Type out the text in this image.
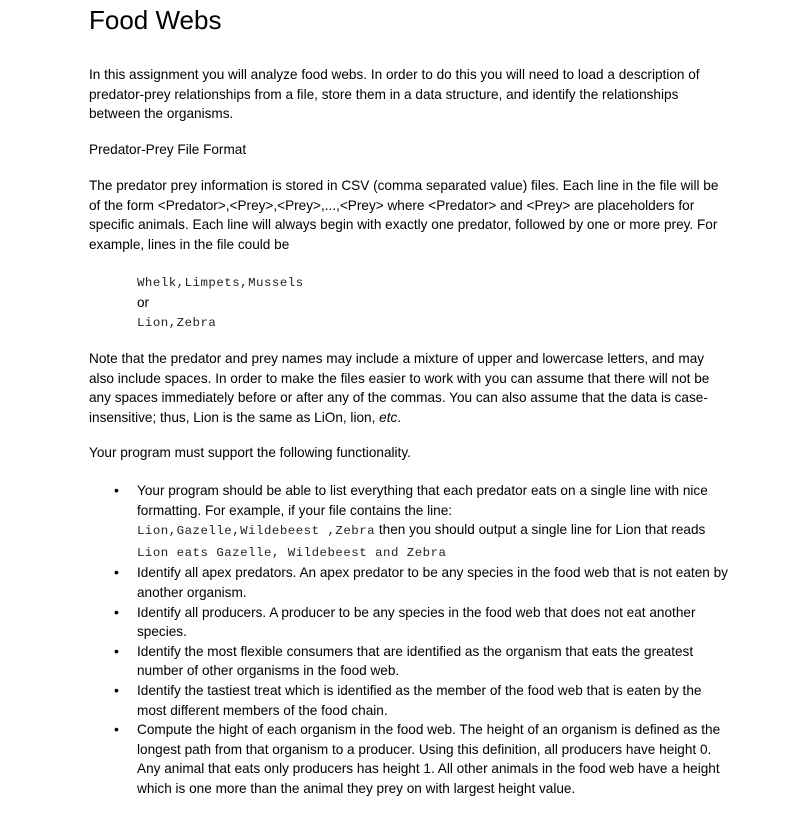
Food Webs

In this assignment you will analyze food webs. In order to do this you will need to load a description of predator-prey relationships from a file, store them in a data structure, and identify the relationships between the organisms.

Predator-Prey File Format

The predator prey information is stored in CSV (comma separated value) files. Each line in the file will be of the form <Predator>,<Prey>,<Prey>,...,<Prey> where <Predator> and <Prey> are placeholders for specific animals. Each line will always begin with exactly one predator, followed by one or more prey. For example, lines in the file could be

Whelk,Limpets,Mussels
or
Lion,Zebra

Note that the predator and prey names may include a mixture of upper and lowercase letters, and may also include spaces. In order to make the files easier to work with you can assume that there will not be any spaces immediately before or after any of the commas. You can also assume that the data is case-insensitive; thus, Lion is the same as LiOn, lion, etc.

Your program must support the following functionality.

• Your program should be able to list everything that each predator eats on a single line with nice formatting. For example, if your file contains the line:
Lion,Gazelle,Wildebeest ,Zebra then you should output a single line for Lion that reads Lion eats Gazelle, Wildebeest and Zebra
• Identify all apex predators. An apex predator to be any species in the food web that is not eaten by another organism.
• Identify all producers. A producer to be any species in the food web that does not eat another species.
• Identify the most flexible consumers that are identified as the organism that eats the greatest number of other organisms in the food web.
• Identify the tastiest treat which is identified as the member of the food web that is eaten by the most different members of the food chain.
• Compute the hight of each organism in the food web. The height of an organism is defined as the longest path from that organism to a producer. Using this definition, all producers have height 0. Any animal that eats only producers has height 1. All other animals in the food web have a height which is one more than the animal they prey on with largest height value.
